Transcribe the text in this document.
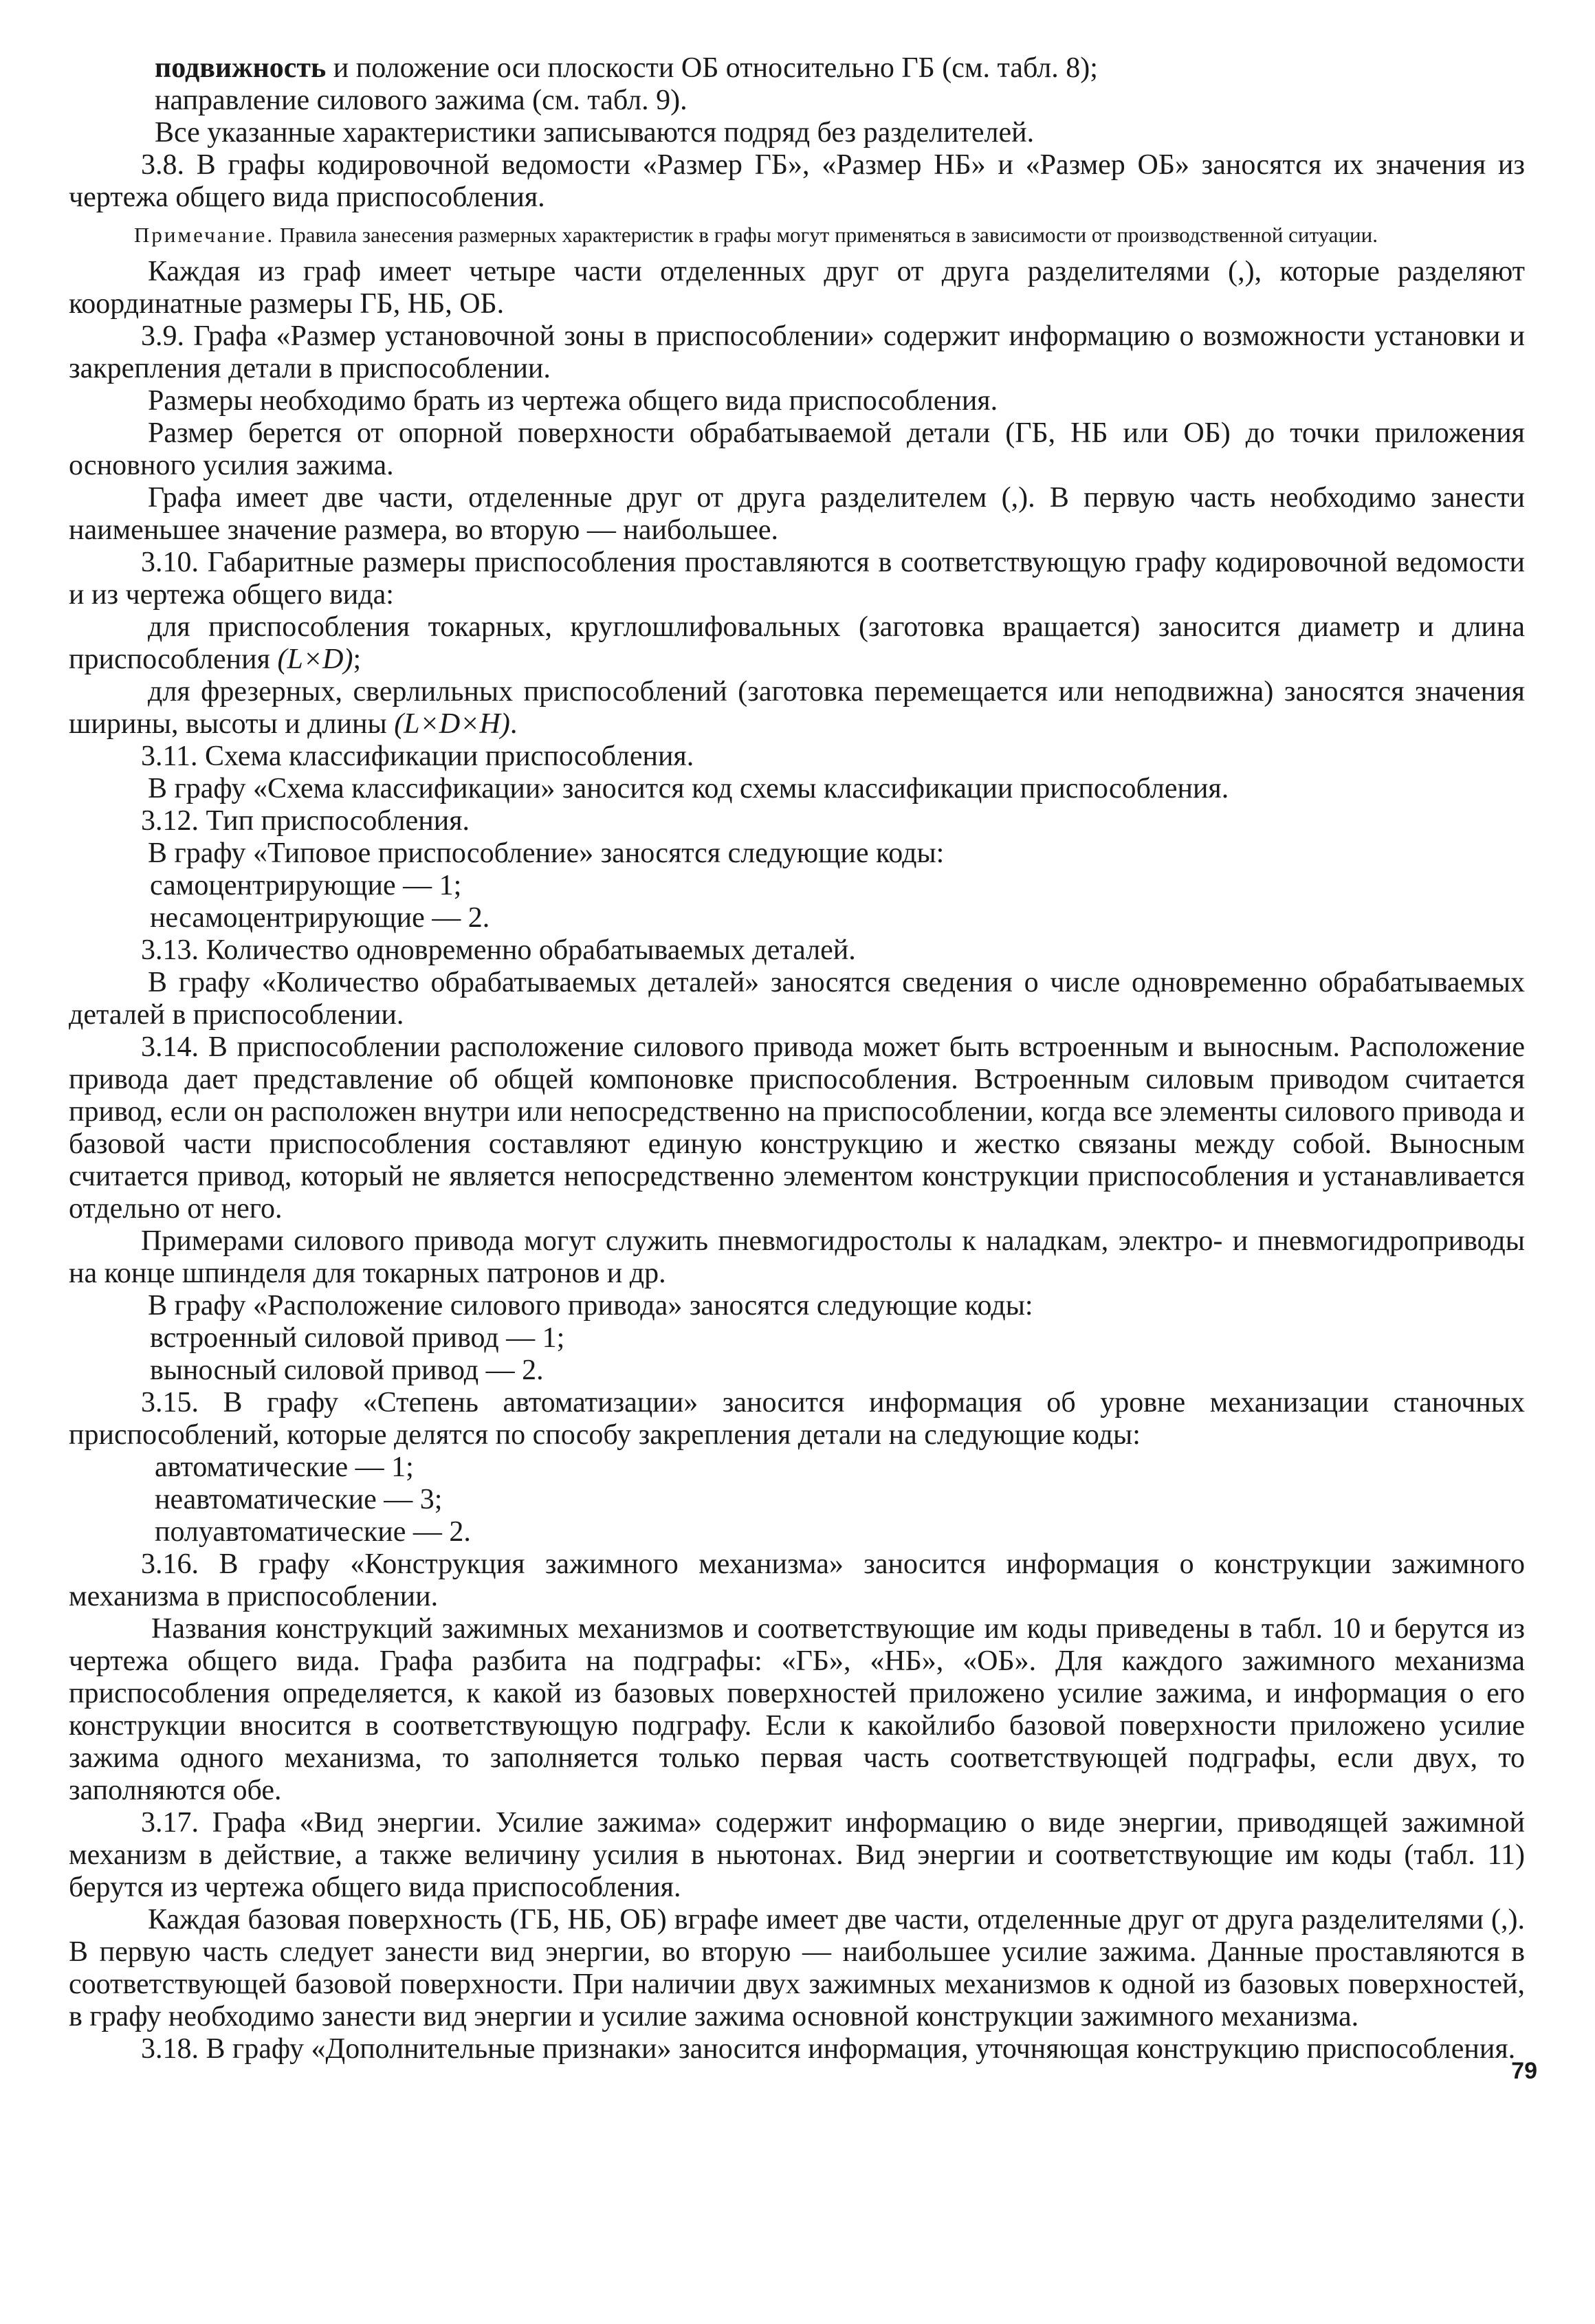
подвижность и положение оси плоскости ОБ относительно ГБ (см. табл. 8);

направление силового зажима (см. табл. 9).

Все указанные характеристики записываются подряд без разделителей.

3.8. В графы кодировочной ведомости «Размер ГБ», «Размер НБ» и «Размер ОБ» заносятся их значения из чертежа общего вида приспособления.

Примечание. Правила занесения размерных характеристик в графы могут применяться в зависимости от производственной ситуации.

Каждая из граф имеет четыре части отделенных друг от друга разделителями (,), которые разделяют координатные размеры ГБ, НБ, ОБ.

3.9. Графа «Размер установочной зоны в приспособлении» содержит информацию о возможности установки и закрепления детали в приспособлении.

Размеры необходимо брать из чертежа общего вида приспособления.

Размер берется от опорной поверхности обрабатываемой детали (ГБ, НБ или ОБ) до точки приложения основного усилия зажима.

Графа имеет две части, отделенные друг от друга разделителем (,). В первую часть необходимо занести наименьшее значение размера, во вторую — наибольшее.

3.10. Габаритные размеры приспособления проставляются в соответствующую графу кодировочной ведомости и из чертежа общего вида:

для приспособления токарных, круглошлифовальных (заготовка вращается) заносится диаметр и длина приспособления (L×D);

для фрезерных, сверлильных приспособлений (заготовка перемещается или неподвижна) заносятся значения ширины, высоты и длины (L×D×H).

3.11. Схема классификации приспособления.

В графу «Схема классификации» заносится код схемы классификации приспособления.

3.12. Тип приспособления.

В графу «Типовое приспособление» заносятся следующие коды:

самоцентрирующие — 1;

несамоцентрирующие — 2.

3.13. Количество одновременно обрабатываемых деталей.

В графу «Количество обрабатываемых деталей» заносятся сведения о числе одновременно обрабатываемых деталей в приспособлении.

3.14. В приспособлении расположение силового привода может быть встроенным и выносным. Расположение привода дает представление об общей компоновке приспособления. Встроенным силовым приводом считается привод, если он расположен внутри или непосредственно на приспособлении, когда все элементы силового привода и базовой части приспособления составляют единую конструкцию и жестко связаны между собой. Выносным считается привод, который не является непосредственно элементом конструкции приспособления и устанавливается отдельно от него.

Примерами силового привода могут служить пневмогидростолы к наладкам, электро- и пневмогидроприводы на конце шпинделя для токарных патронов и др.

В графу «Расположение силового привода» заносятся следующие коды:

встроенный силовой привод — 1;

выносный силовой привод — 2.

3.15. В графу «Степень автоматизации» заносится информация об уровне механизации станочных приспособлений, которые делятся по способу закрепления детали на следующие коды:

автоматические — 1;

неавтоматические — 3;

полуавтоматические — 2.

3.16. В графу «Конструкция зажимного механизма» заносится информация о конструкции зажимного механизма в приспособлении.

Названия конструкций зажимных механизмов и соответствующие им коды приведены в табл. 10 и берутся из чертежа общего вида. Графа разбита на подграфы: «ГБ», «НБ», «ОБ». Для каждого зажимного механизма приспособления определяется, к какой из базовых поверхностей приложено усилие зажима, и информация о его конструкции вносится в соответствующую подграфу. Если к какойлибо базовой поверхности приложено усилие зажима одного механизма, то заполняется только первая часть соответствующей подграфы, если двух, то заполняются обе.

3.17. Графа «Вид энергии. Усилие зажима» содержит информацию о виде энергии, приводящей зажимной механизм в действие, а также величину усилия в ньютонах. Вид энергии и соответствующие им коды (табл. 11) берутся из чертежа общего вида приспособления.

Каждая базовая поверхность (ГБ, НБ, ОБ) вграфе имеет две части, отделенные друг от друга разделителями (,). В первую часть следует занести вид энергии, во вторую — наибольшее усилие зажима. Данные проставляются в соответствующей базовой поверхности. При наличии двух зажимных механизмов к одной из базовых поверхностей, в графу необходимо занести вид энергии и усилие зажима основной конструкции зажимного механизма.

3.18. В графу «Дополнительные признаки» заносится информация, уточняющая конструкцию приспособления.

79
